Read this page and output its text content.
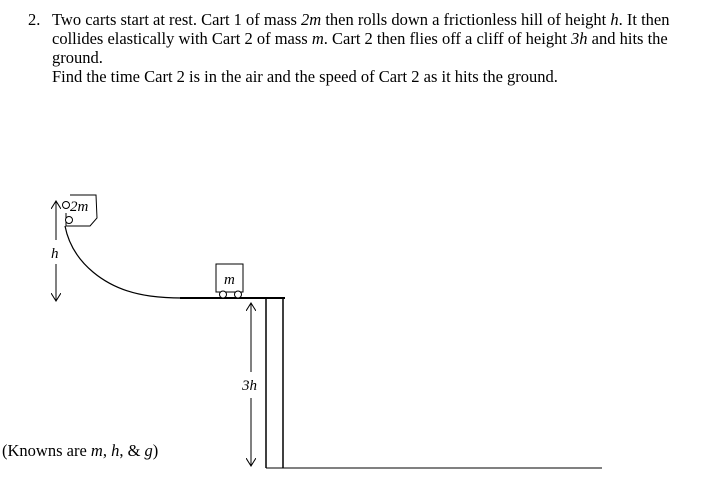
2. Two carts start at rest. Cart 1 of mass 2m then rolls down a frictionless hill of height h. It then collides elastically with Cart 2 of mass m. Cart 2 then flies off a cliff of height 3h and hits the ground.

Find the time Cart 2 is in the air and the speed of Cart 2 as it hits the ground.

2m
h
m
3h
(Knowns are m, h, & g)
